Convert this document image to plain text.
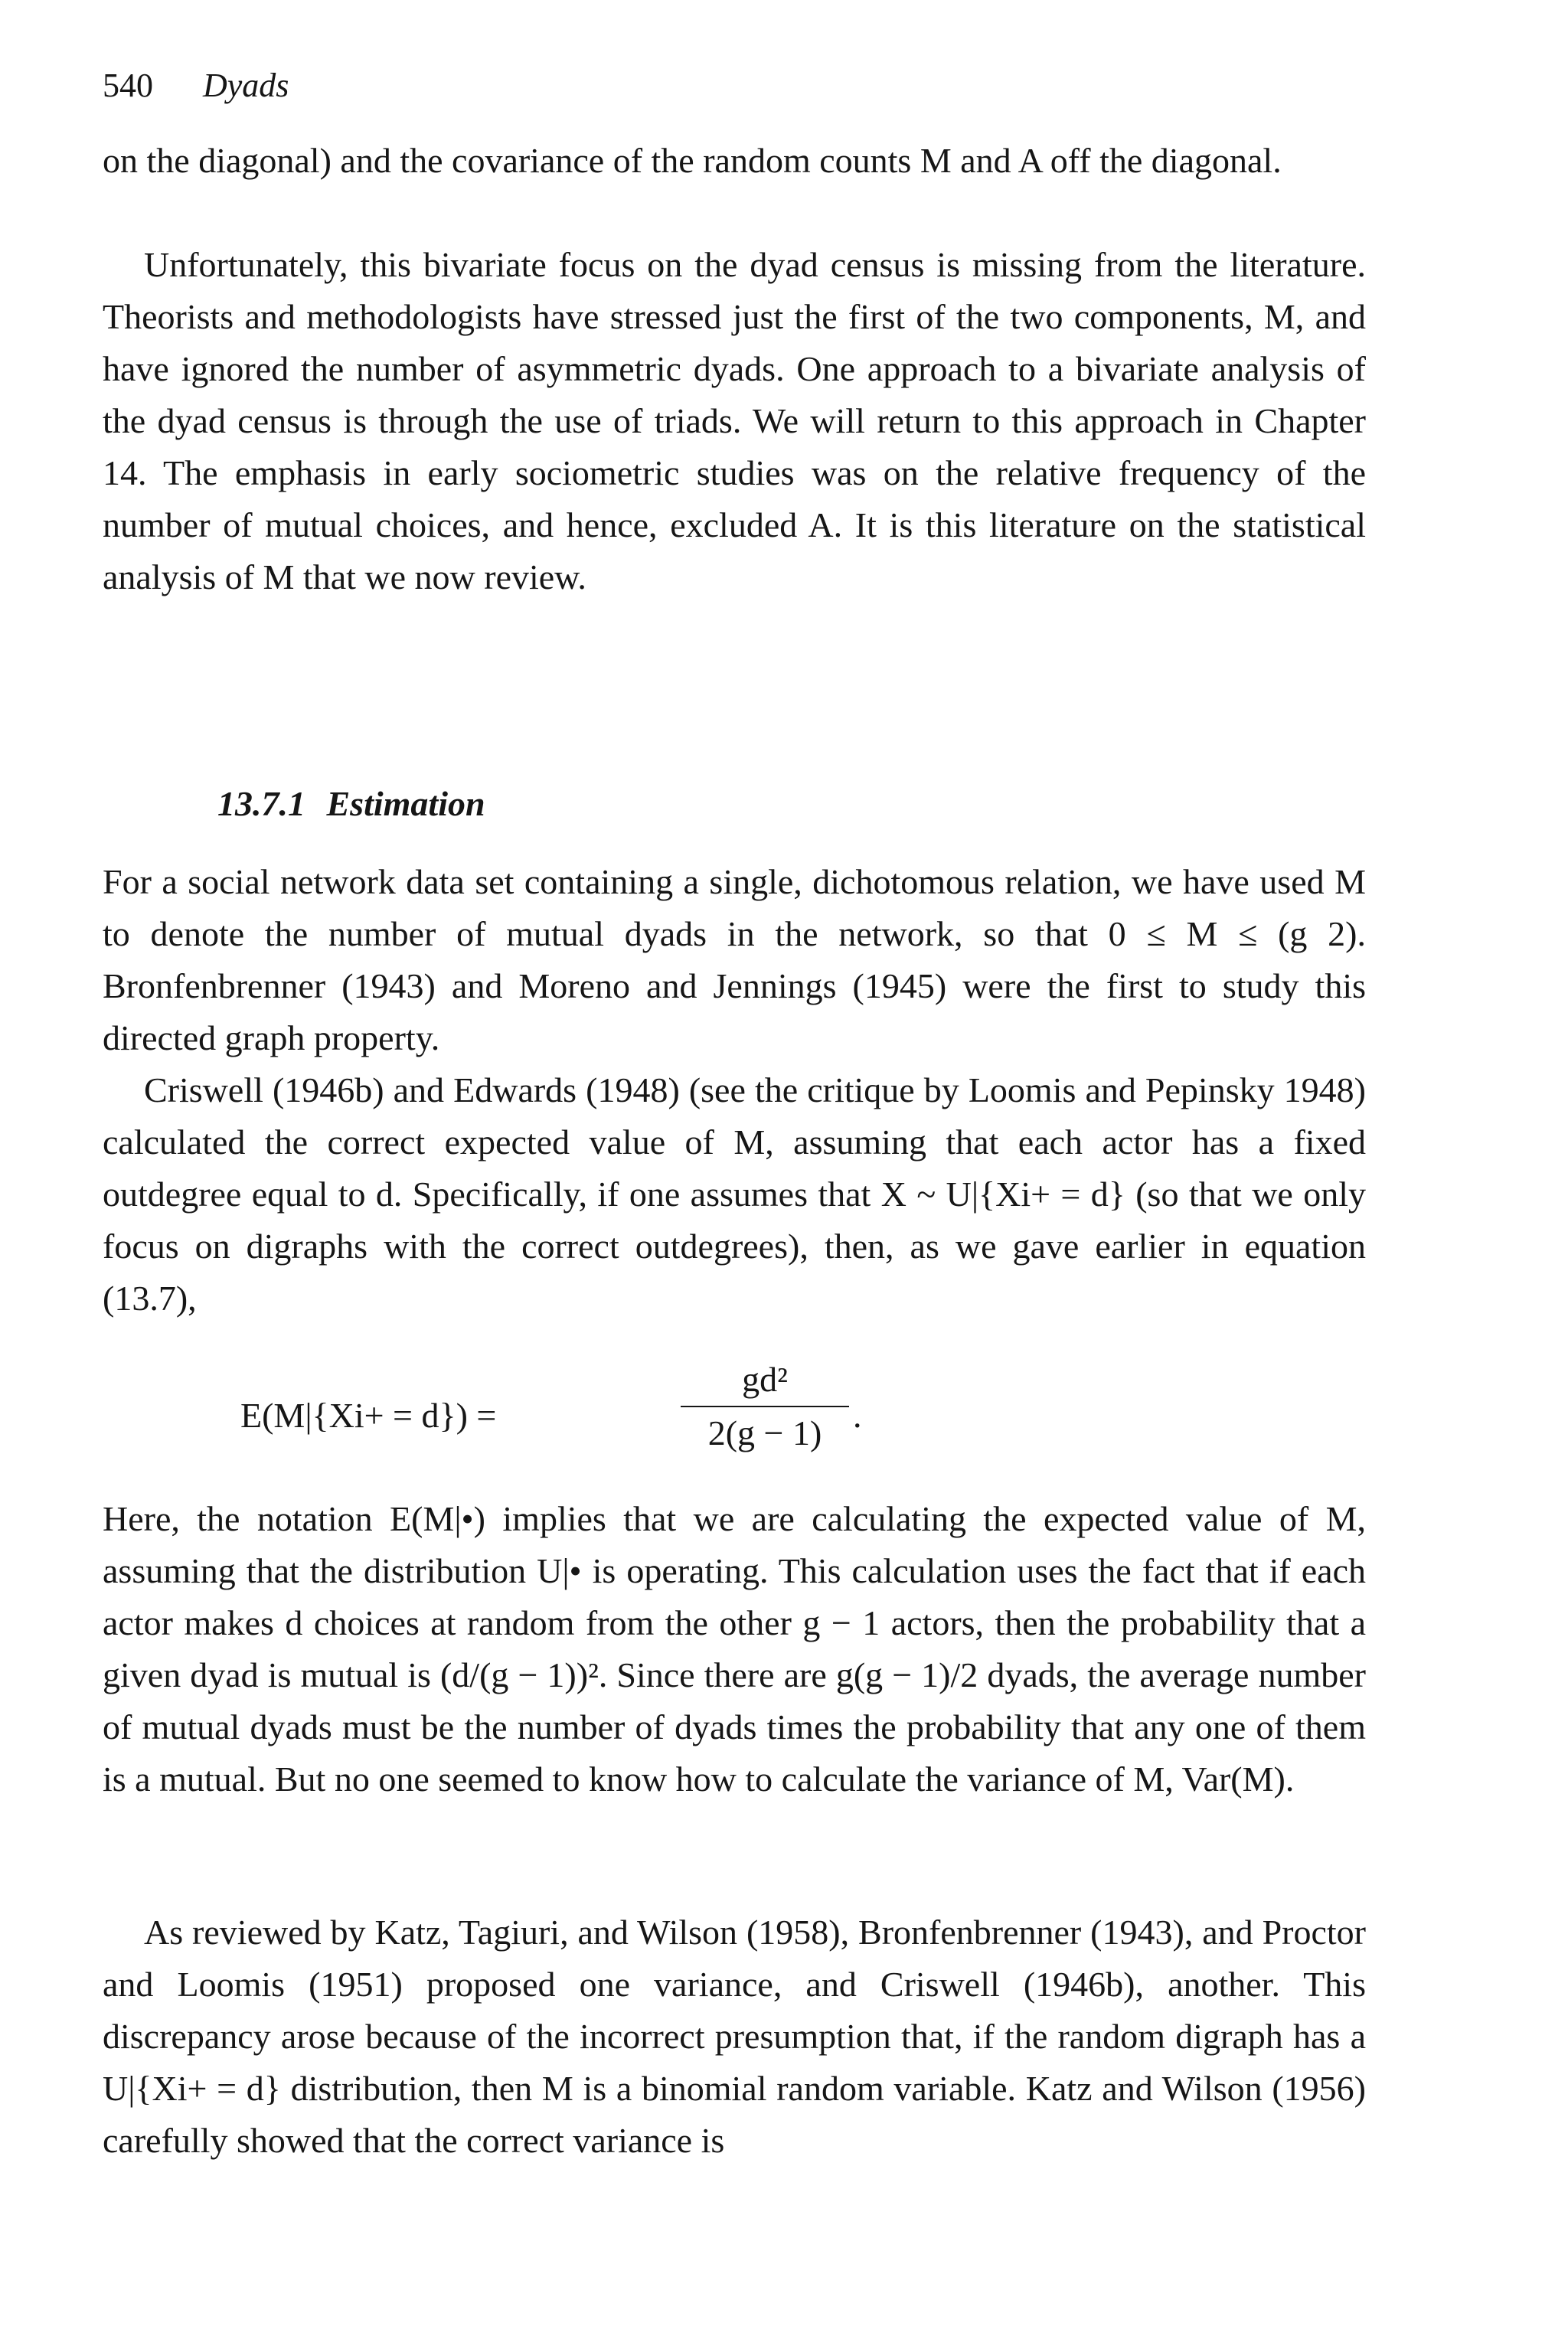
540 Dyads

on the diagonal) and the covariance of the random counts M and A off the diagonal.

Unfortunately, this bivariate focus on the dyad census is missing from the literature. Theorists and methodologists have stressed just the first of the two components, M, and have ignored the number of asymmetric dyads. One approach to a bivariate analysis of the dyad census is through the use of triads. We will return to this approach in Chapter 14. The emphasis in early sociometric studies was on the relative frequency of the number of mutual choices, and hence, excluded A. It is this literature on the statistical analysis of M that we now review.

13.7.1 Estimation

For a social network data set containing a single, dichotomous relation, we have used M to denote the number of mutual dyads in the network, so that 0 ≤ M ≤ (g 2). Bronfenbrenner (1943) and Moreno and Jennings (1945) were the first to study this directed graph property.

Criswell (1946b) and Edwards (1948) (see the critique by Loomis and Pepinsky 1948) calculated the correct expected value of M, assuming that each actor has a fixed outdegree equal to d. Specifically, if one assumes that X ~ U|{Xi+ = d} (so that we only focus on digraphs with the correct outdegrees), then, as we gave earlier in equation (13.7),

E(M|{Xi+ = d}) =
gd²
2(g − 1) .

Here, the notation E(M|•) implies that we are calculating the expected value of M, assuming that the distribution U|• is operating. This calculation uses the fact that if each actor makes d choices at random from the other g − 1 actors, then the probability that a given dyad is mutual is (d/(g − 1))². Since there are g(g − 1)/2 dyads, the average number of mutual dyads must be the number of dyads times the probability that any one of them is a mutual. But no one seemed to know how to calculate the variance of M, Var(M).

As reviewed by Katz, Tagiuri, and Wilson (1958), Bronfenbrenner (1943), and Proctor and Loomis (1951) proposed one variance, and Criswell (1946b), another. This discrepancy arose because of the incorrect presumption that, if the random digraph has a U|{Xi+ = d} distribution, then M is a binomial random variable. Katz and Wilson (1956) carefully showed that the correct variance is
